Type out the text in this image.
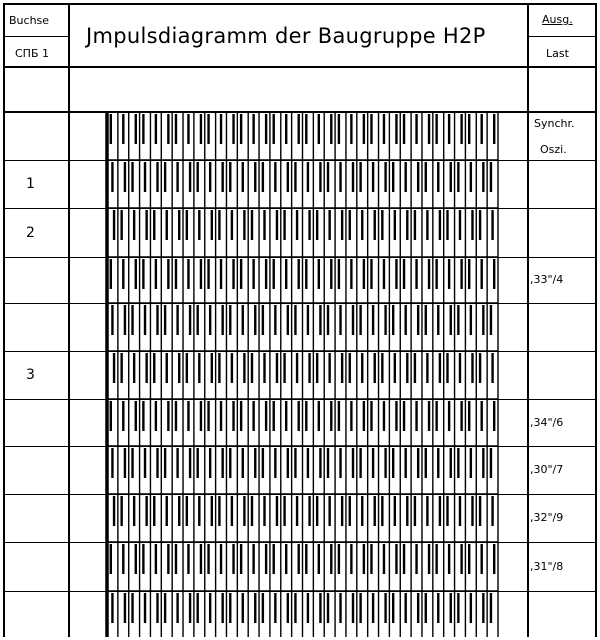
Buchse
СПБ 1
Jmpulsdiagramm der Baugruppe H2P
Ausg.
Last
Synchr.
Oszi.
1
2
,33"/4
3
,34"/6
,30"/7
,32"/9
,31"/8
